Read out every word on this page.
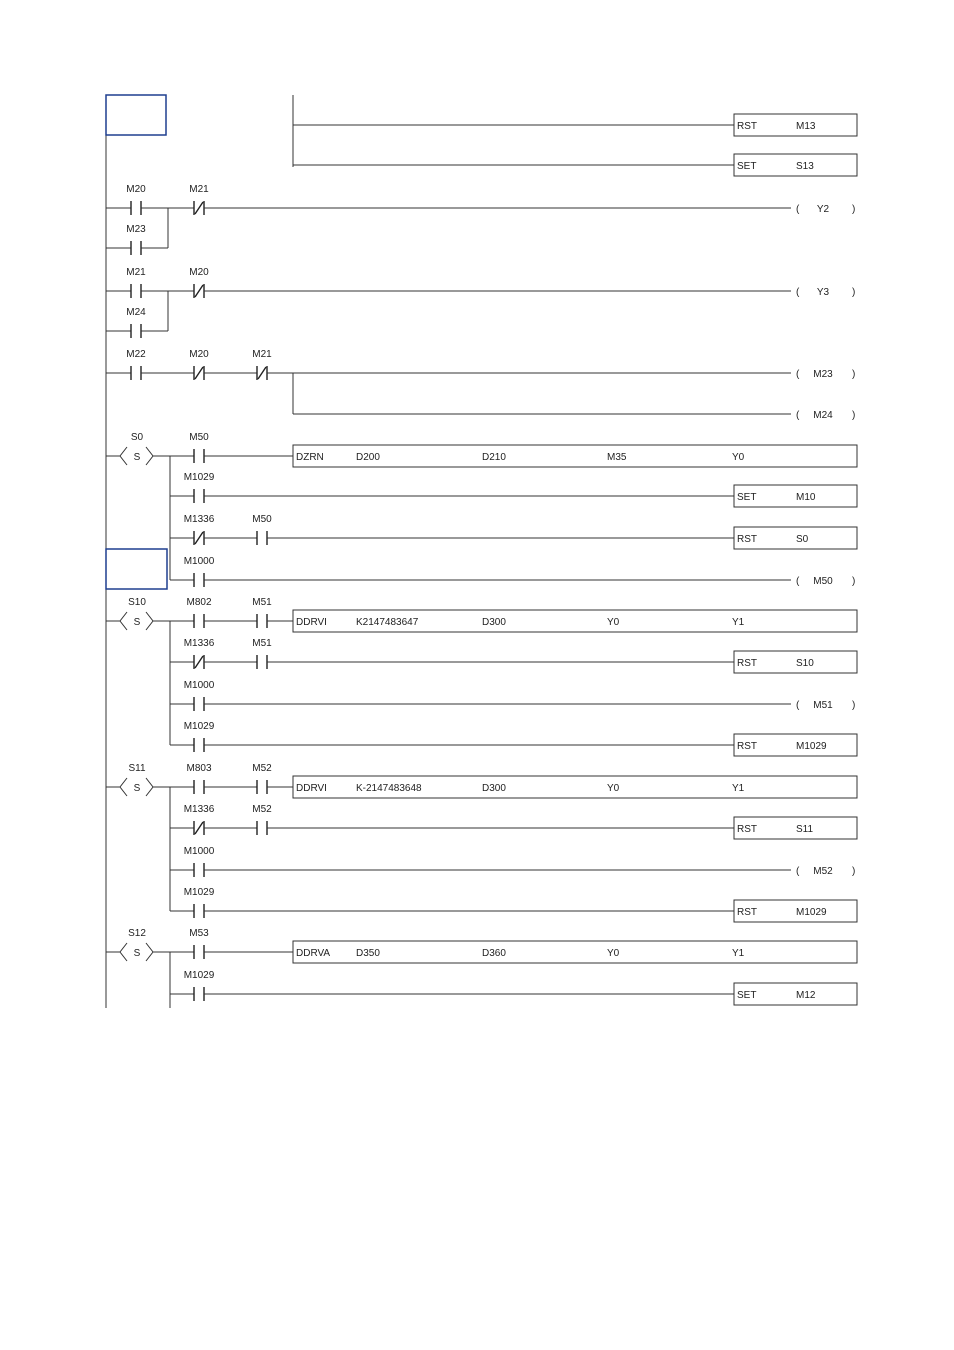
RST	M13
SET	S13
M20
M23
M21
( Y2 )
M21
M24
M20
( Y3 )
M22	M20	M21
( M23 )
( M24 )
S
S0	M50
DZRN	D200	D210	M35	Y0
M1029
SET	M10
M1336	M50
RST	S0
M1000
( M50 )
S
S10	M802	M51
DDRVI	K2147483647	D300	Y0	Y1
M1336	M51
RST	S10
M1000
( M51 )
M1029
RST	M1029
S
S11	M803	M52
DDRVI	K-2147483648	D300	Y0	Y1
M1336	M52
RST	S11
M1000
( M52 )
M1029
RST	M1029
S
S12	M53
DDRVA	D350	D360	Y0	Y1
M1029
SET	M12
